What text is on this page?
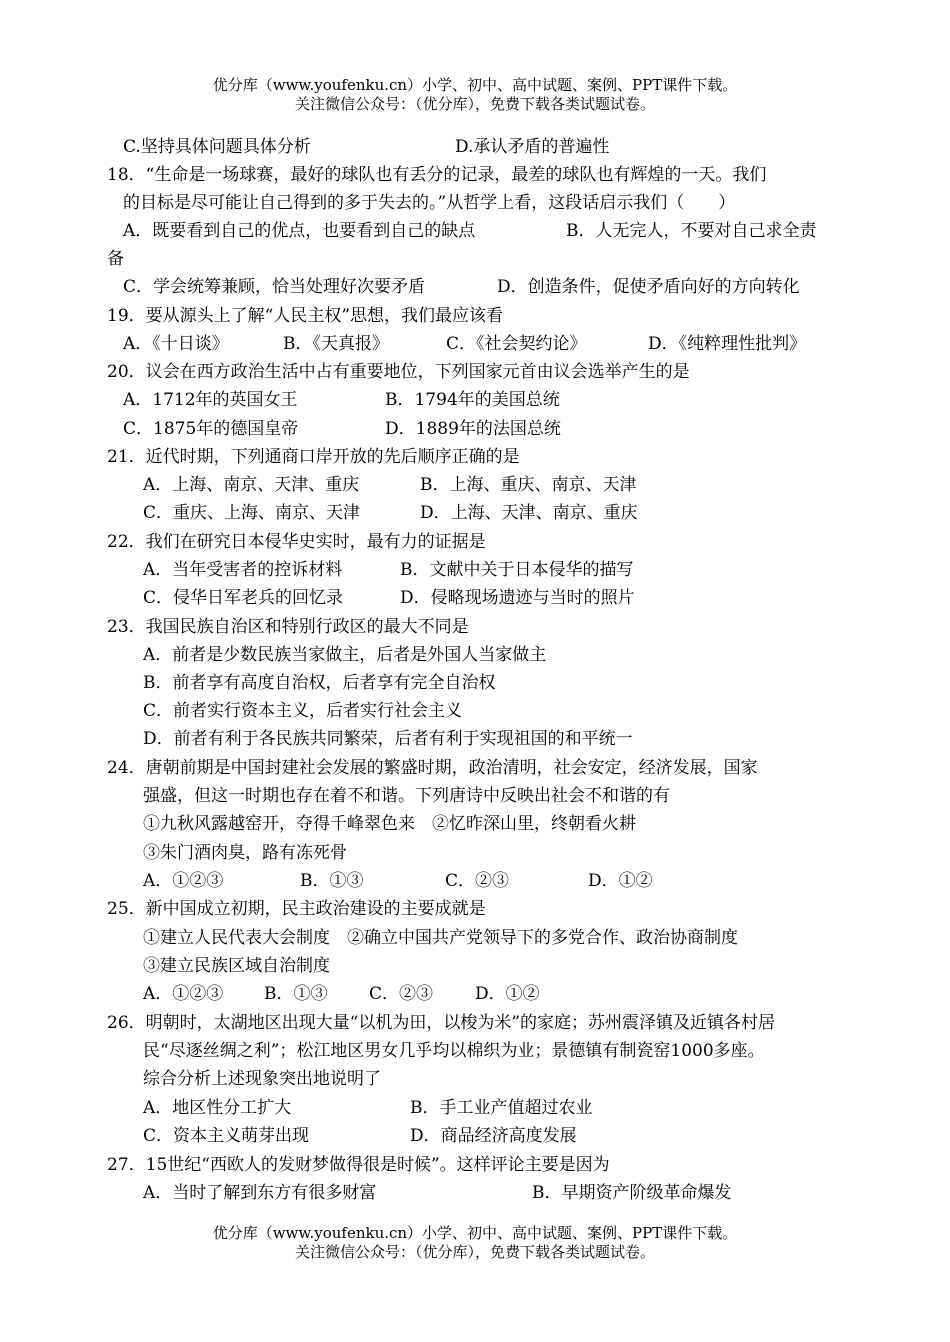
优分库（www.youfenku.cn）小学、初中、高中试题、案例、PPT课件下载。
关注微信公众号：（优分库），免费下载各类试题试卷。
C.坚持具体问题具体分析	D.承认矛盾的普遍性
18．“生命是一场球赛，最好的球队也有丢分的记录，最差的球队也有辉煌的一天。我们
的目标是尽可能让自己得到的多于失去的。”从哲学上看，这段话启示我们（　　）
A．既要看到自己的优点，也要看到自己的缺点	B．人无完人，不要对自己求全责
备
C．学会统筹兼顾，恰当处理好次要矛盾	D．创造条件，促使矛盾向好的方向转化
19．要从源头上了解“人民主权”思想，我们最应该看
A．《十日谈》	B．《天真报》	C．《社会契约论》	D．《纯粹理性批判》
20．议会在西方政治生活中占有重要地位，下列国家元首由议会选举产生的是
A．1712年的英国女王	B．1794年的美国总统
C．1875年的德国皇帝	D．1889年的法国总统
21．近代时期，下列通商口岸开放的先后顺序正确的是
A．上海、南京、天津、重庆	B．上海、重庆、南京、天津
C．重庆、上海、南京、天津	D．上海、天津、南京、重庆
22．我们在研究日本侵华史实时，最有力的证据是
A．当年受害者的控诉材料	B．文献中关于日本侵华的描写
C．侵华日军老兵的回忆录	D．侵略现场遗迹与当时的照片
23．我国民族自治区和特别行政区的最大不同是
A．前者是少数民族当家做主，后者是外国人当家做主
B．前者享有高度自治权，后者享有完全自治权
C．前者实行资本主义，后者实行社会主义
D．前者有利于各民族共同繁荣，后者有利于实现祖国的和平统一
24．唐朝前期是中国封建社会发展的繁盛时期，政治清明，社会安定，经济发展，国家
强盛，但这一时期也存在着不和谐。下列唐诗中反映出社会不和谐的有
①九秋风露越窑开，夺得千峰翠色来　②忆昨深山里，终朝看火耕
③朱门酒肉臭，路有冻死骨
A．①②③	B．①③	C．②③	D．①②
25．新中国成立初期，民主政治建设的主要成就是
①建立人民代表大会制度　②确立中国共产党领导下的多党合作、政治协商制度
③建立民族区域自治制度
A．①②③ B．①③ C．②③ D．①②
26．明朝时，太湖地区出现大量“以机为田，以梭为米”的家庭；苏州震泽镇及近镇各村居
民“尽逐丝绸之利”；松江地区男女几乎均以棉织为业；景德镇有制瓷窑1000多座。
综合分析上述现象突出地说明了
A．地区性分工扩大	B．手工业产值超过农业
C．资本主义萌芽出现	D．商品经济高度发展
27．15世纪“西欧人的发财梦做得很是时候”。这样评论主要是因为
A．当时了解到东方有很多财富	B．早期资产阶级革命爆发
优分库（www.youfenku.cn）小学、初中、高中试题、案例、PPT课件下载。
关注微信公众号：（优分库），免费下载各类试题试卷。
